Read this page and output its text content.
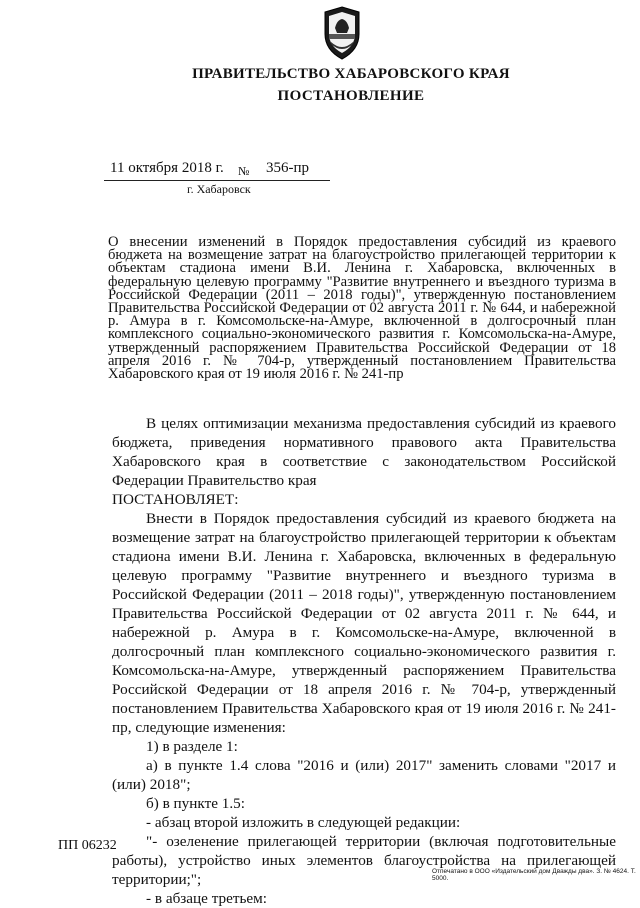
ПРАВИТЕЛЬСТВО ХАБАРОВСКОГО КРАЯ
ПОСТАНОВЛЕНИЕ
11 октября 2018 г. № 356-пр
г. Хабаровск
О внесении изменений в Порядок предоставления субсидий из краевого бюджета на возмещение затрат на благоустройство прилегающей территории к объектам стадиона имени В.И. Ленина г. Хабаровска, включенных в федеральную целевую программу "Развитие внутреннего и въездного туризма в Российской Федерации (2011 – 2018 годы)", утвержденную постановлением Правительства Российской Федерации от 02 августа 2011 г. № 644, и набережной р. Амура в г. Комсомольске-на-Амуре, включенной в долгосрочный план комплексного социально-экономического развития г. Комсомольска-на-Амуре, утвержденный распоряжением Правительства Российской Федерации от 18 апреля 2016 г. № 704-р, утвержденный постановлением Правительства Хабаровского края от 19 июля 2016 г. № 241-пр

В целях оптимизации механизма предоставления субсидий из краевого бюджета, приведения нормативного правового акта Правительства Хабаровского края в соответствие с законодательством Российской Федерации Правительство края

ПОСТАНОВЛЯЕТ:

Внести в Порядок предоставления субсидий из краевого бюджета на возмещение затрат на благоустройство прилегающей территории к объектам стадиона имени В.И. Ленина г. Хабаровска, включенных в федеральную целевую программу "Развитие внутреннего и въездного туризма в Российской Федерации (2011 – 2018 годы)", утвержденную постановлением Правительства Российской Федерации от 02 августа 2011 г. № 644, и набережной р. Амура в г. Комсомольске-на-Амуре, включенной в долгосрочный план комплексного социально-экономического развития г. Комсомольска-на-Амуре, утвержденный распоряжением Правительства Российской Федерации от 18 апреля 2016 г. № 704-р, утвержденный постановлением Правительства Хабаровского края от 19 июля 2016 г. № 241-пр, следующие изменения:

1) в разделе 1:

а) в пункте 1.4 слова "2016 и (или) 2017" заменить словами "2017 и (или) 2018";

б) в пункте 1.5:

- абзац второй изложить в следующей редакции:

"- озеленение прилегающей территории (включая подготовительные работы), устройство иных элементов благоустройства на прилегающей территории;";

- в абзаце третьем:

ПП 06232
Отпечатано в ООО «Издательский дом Дважды два». З. № 4624. Т. 5000.
